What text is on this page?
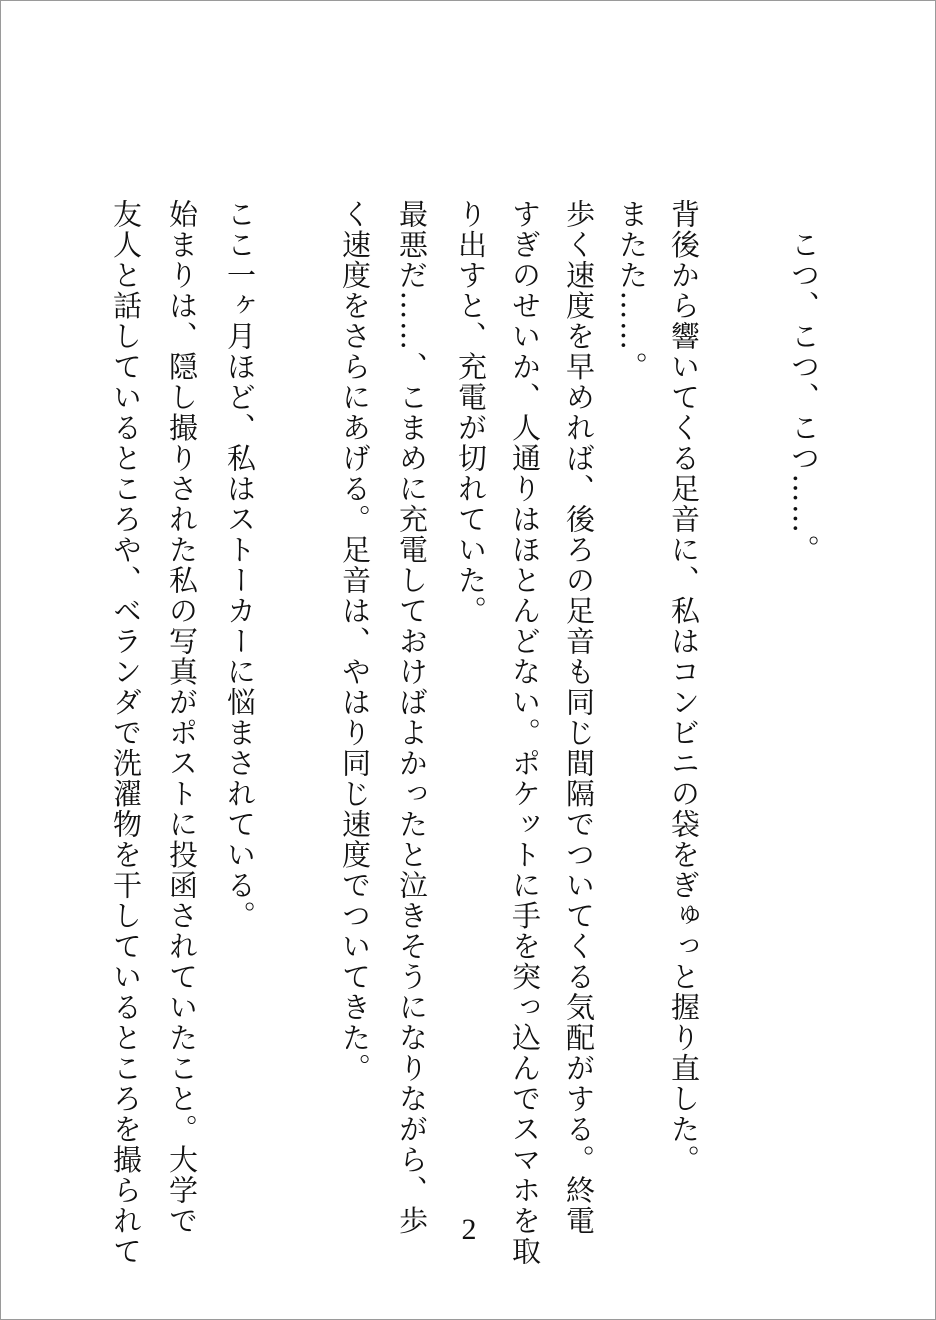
　こつ、こつ、こつ……。
背後から響いてくる足音に、私はコンビニの袋をぎゅっと握り直した。
またた……。
歩く速度を早めれば、後ろの足音も同じ間隔でついてくる気配がする。終電
すぎのせいか、人通りはほとんどない。ポケットに手を突っ込んでスマホを取
り出すと、充電が切れていた。
最悪だ……、こまめに充電しておけばよかったと泣きそうになりながら、歩
く速度をさらにあげる。足音は、やはり同じ速度でついてきた。
ここ一ヶ月ほど、私はストーカーに悩まされている。
始まりは、隠し撮りされた私の写真がポストに投函されていたこと。大学で
友人と話しているところや、ベランダで洗濯物を干しているところを撮られて	2
